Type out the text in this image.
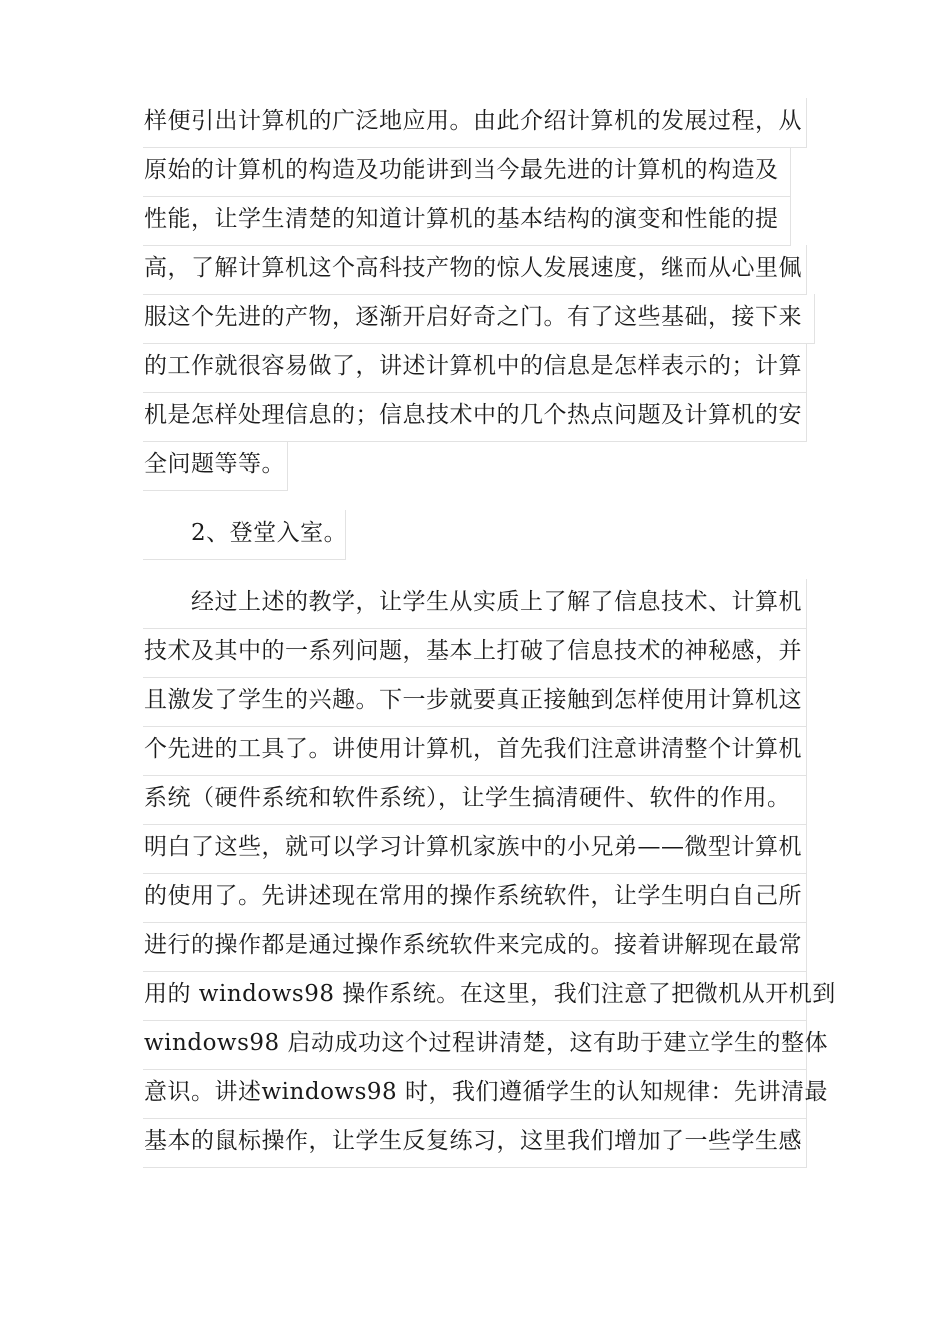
样便引出计算机的广泛地应用。由此介绍计算机的发展过程，从
原始的计算机的构造及功能讲到当今最先进的计算机的构造及
性能，让学生清楚的知道计算机的基本结构的演变和性能的提
高，了解计算机这个高科技产物的惊人发展速度，继而从心里佩
服这个先进的产物，逐渐开启好奇之门。有了这些基础，接下来
的工作就很容易做了，讲述计算机中的信息是怎样表示的；计算
机是怎样处理信息的；信息技术中的几个热点问题及计算机的安
全问题等等。
2、登堂入室。
经过上述的教学，让学生从实质上了解了信息技术、计算机
技术及其中的一系列问题，基本上打破了信息技术的神秘感，并
且激发了学生的兴趣。下一步就要真正接触到怎样使用计算机这
个先进的工具了。讲使用计算机，首先我们注意讲清整个计算机
系统（硬件系统和软件系统），让学生搞清硬件、软件的作用。
明白了这些，就可以学习计算机家族中的小兄弟——微型计算机
的使用了。先讲述现在常用的操作系统软件，让学生明白自己所
进行的操作都是通过操作系统软件来完成的。接着讲解现在最常
用的 windows98 操作系统。在这里，我们注意了把微机从开机到
windows98 启动成功这个过程讲清楚，这有助于建立学生的整体
意识。讲述windows98 时，我们遵循学生的认知规律：先讲清最
基本的鼠标操作，让学生反复练习，这里我们增加了一些学生感
